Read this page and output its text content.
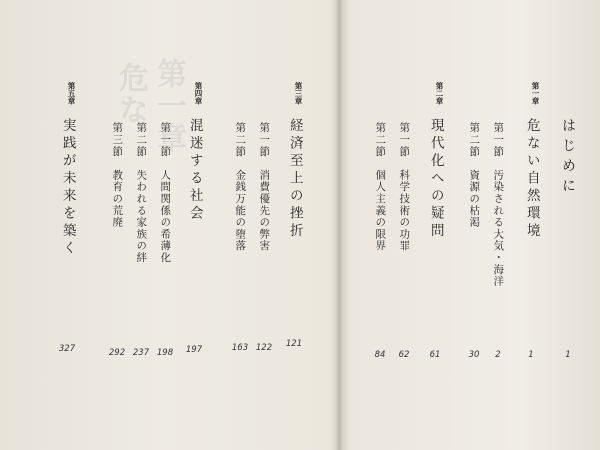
第一章
危な
はじめに
1
第一章
危ない自然環境
1
第一節　汚染される大気・海洋
2
第二節　資源の枯渇
30
第二章
現代化への疑問
61
第一節　科学技術の功罪
62
第二節　個人主義の限界
84
第三章
経済至上の挫折
121
第一節　消費優先の弊害
122
第二節　金銭万能の堕落
163
第四章
混迷する社会
197
第一節　人間関係の希薄化
198
第二節　失われる家族の絆
237
第三節　教育の荒廃
292
第五章
実践が未来を築く
327
